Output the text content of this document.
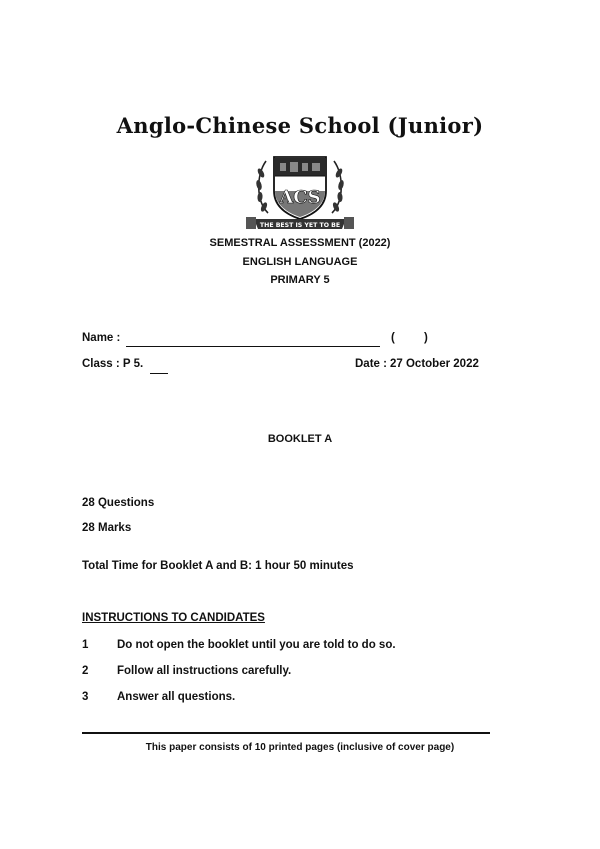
Anglo-Chinese School (Junior)
ACS
THE BEST IS YET TO BE
SEMESTRAL ASSESSMENT (2022)
ENGLISH LANGUAGE
PRIMARY 5
Name :	(	)
Class : P 5.	Date : 27 October 2022
BOOKLET A
28 Questions
28 Marks
Total Time for Booklet A and B: 1 hour 50 minutes
INSTRUCTIONS TO CANDIDATES
1 Do not open the booklet until you are told to do so.
2 Follow all instructions carefully.
3 Answer all questions.
This paper consists of 10 printed pages (inclusive of cover page)
